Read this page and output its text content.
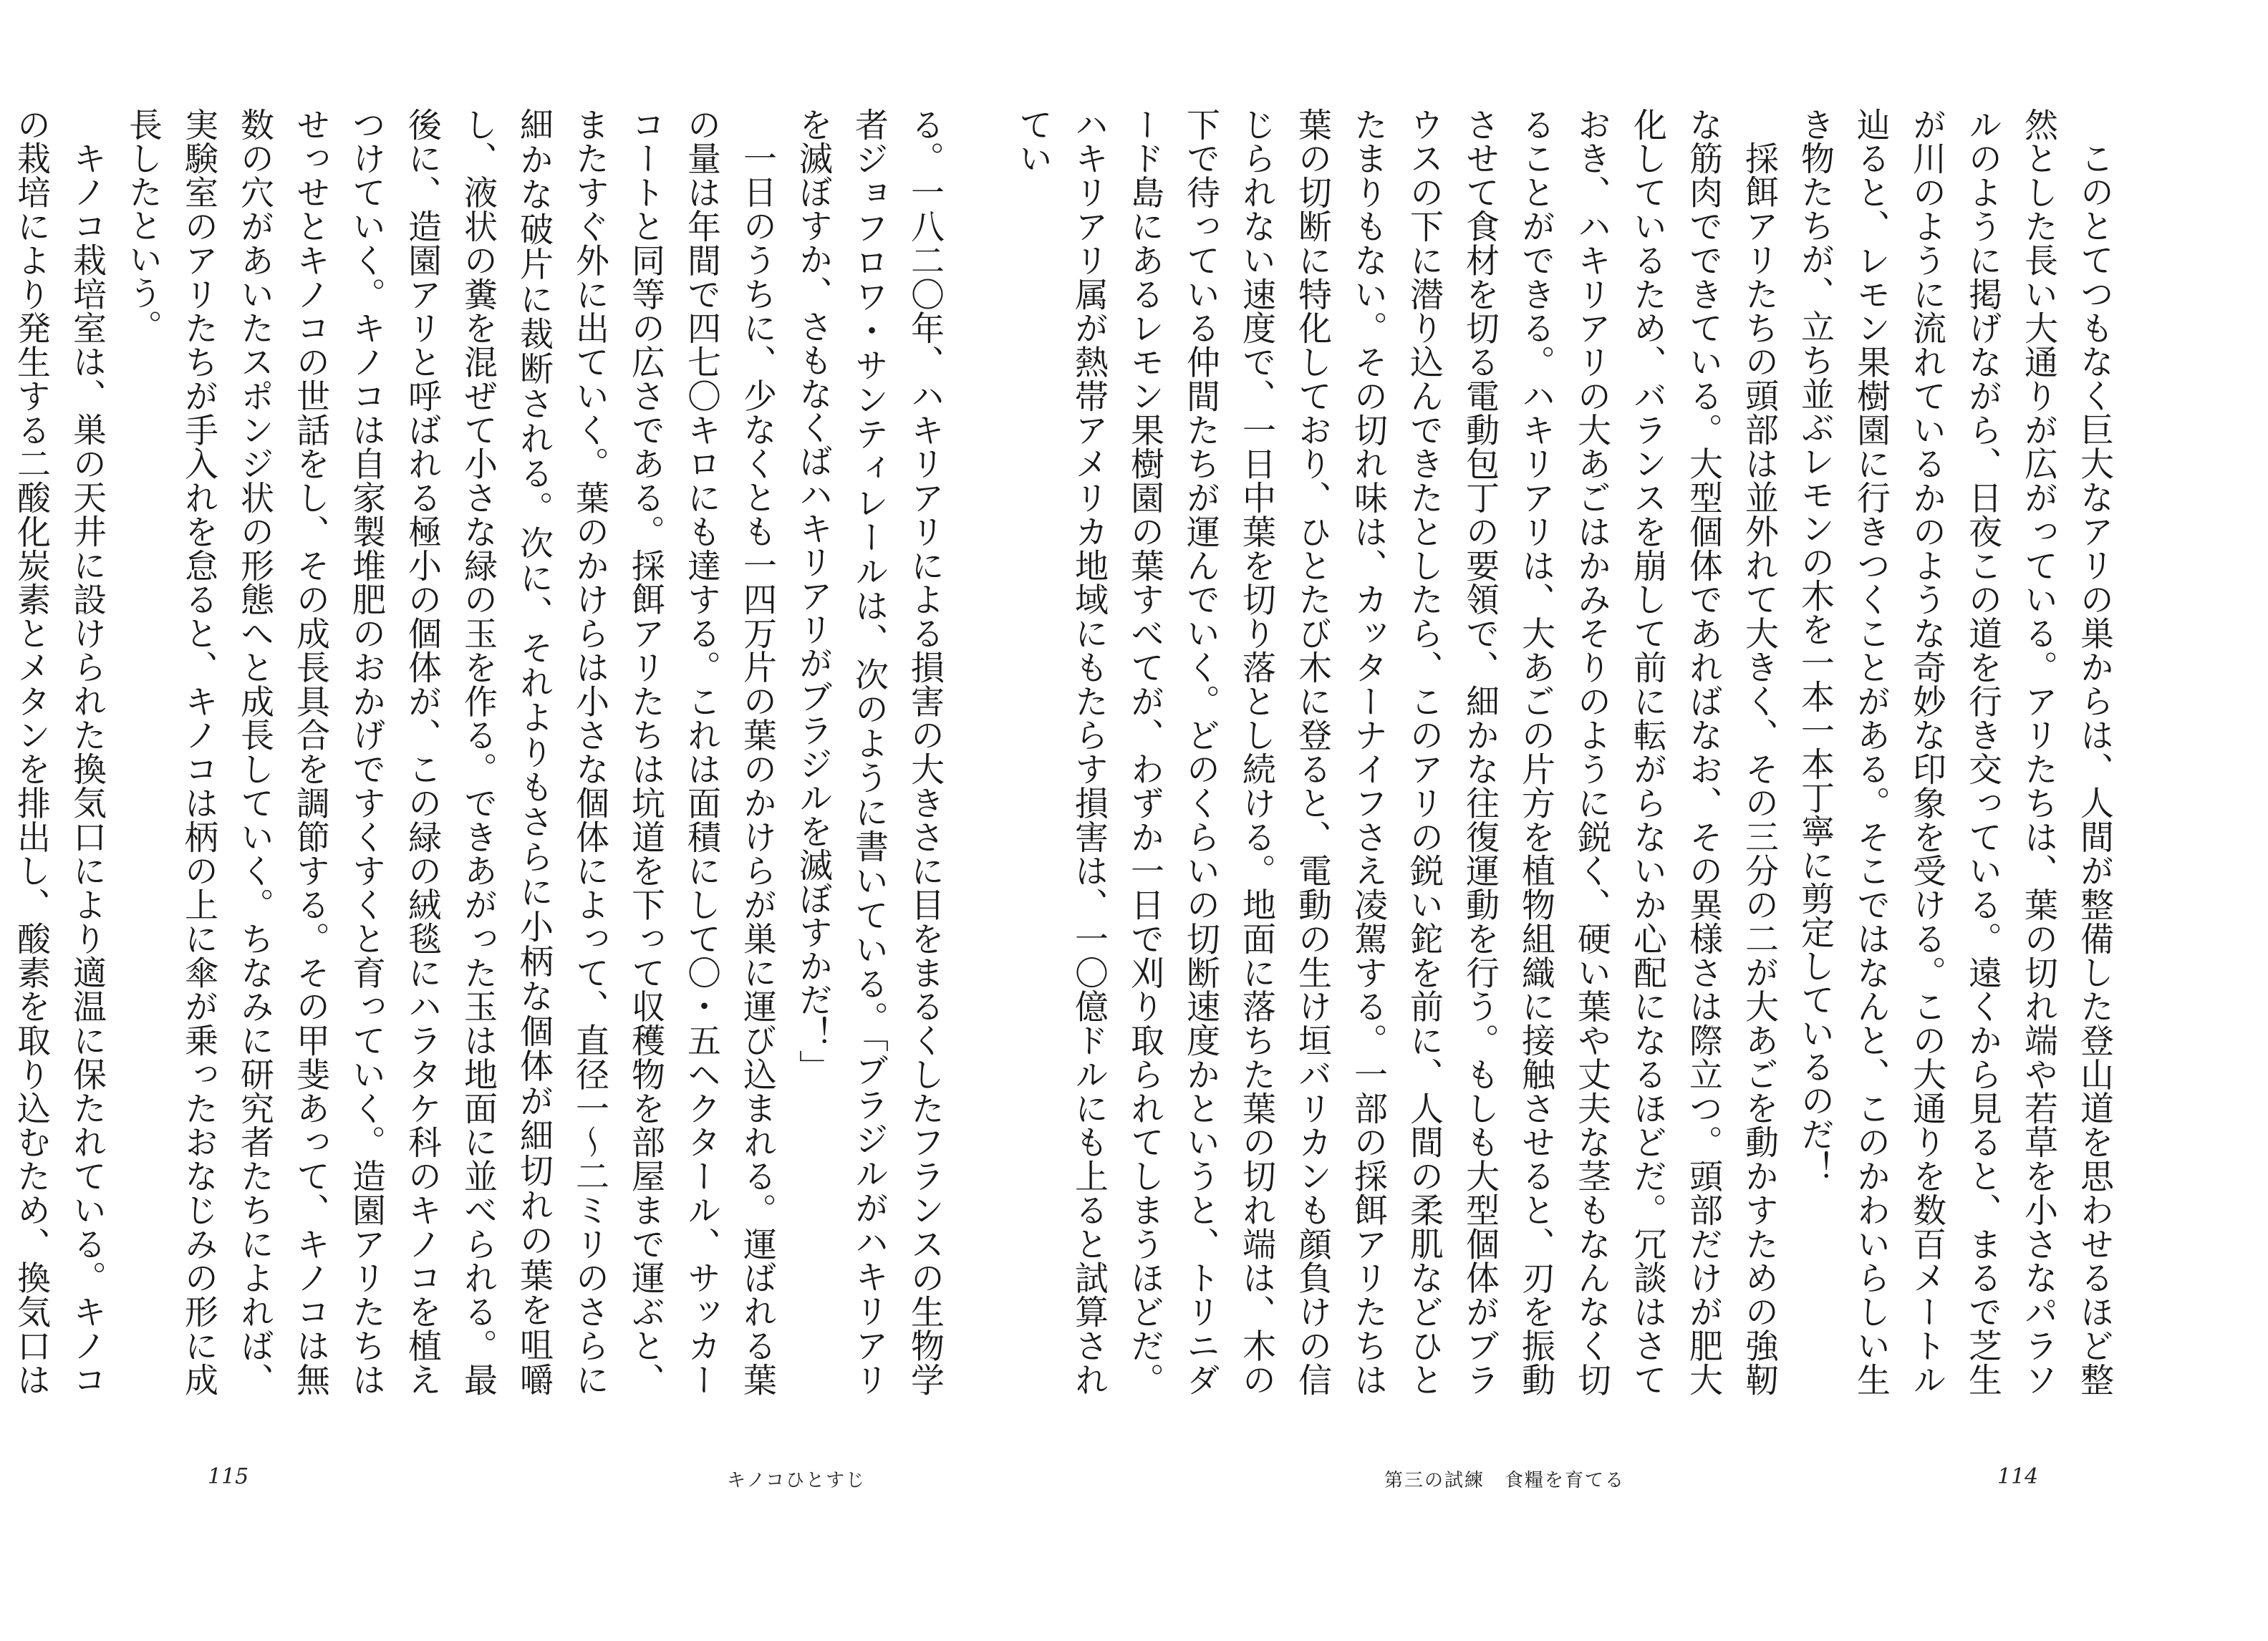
このとてつもなく巨大なアリの巣からは、人間が整備した登山道を思わせるほど整然とした長い大通りが広がっている。アリたちは、葉の切れ端や若草を小さなパラソルのように掲げながら、日夜この道を行き交っている。遠くから見ると、まるで芝生が川のように流れているかのような奇妙な印象を受ける。この大通りを数百メートル辿ると、レモン果樹園に行きつくことがある。そこではなんと、このかわいらしい生き物たちが、立ち並ぶレモンの木を一本一本丁寧に剪定しているのだ！

採餌アリたちの頭部は並外れて大きく、その三分の二が大あごを動かすための強靭な筋肉でできている。大型個体であればなお、その異様さは際立つ。頭部だけが肥大化しているため、バランスを崩して前に転がらないか心配になるほどだ。冗談はさておき、ハキリアリの大あごはかみそりのように鋭く、硬い葉や丈夫な茎もなんなく切ることができる。ハキリアリは、大あごの片方を植物組織に接触させると、刃を振動させて食材を切る電動包丁の要領で、細かな往復運動を行う。もしも大型個体がブラウスの下に潜り込んできたとしたら、このアリの鋭い鉈を前に、人間の柔肌などひとたまりもない。その切れ味は、カッターナイフさえ凌駕する。一部の採餌アリたちは葉の切断に特化しており、ひとたび木に登ると、電動の生け垣バリカンも顔負けの信じられない速度で、一日中葉を切り落とし続ける。地面に落ちた葉の切れ端は、木の下で待っている仲間たちが運んでいく。どのくらいの切断速度かというと、トリニダード島にあるレモン果樹園の葉すべてが、わずか一日で刈り取られてしまうほどだ。ハキリアリ属が熱帯アメリカ地域にもたらす損害は、一〇億ドルにも上ると試算されてい

第三の試練　食糧を育てる	114

る。一八二〇年、ハキリアリによる損害の大きさに目をまるくしたフランスの生物学者ジョフロワ・サンティレールは、次のように書いている。「ブラジルがハキリアリを滅ぼすか、さもなくばハキリアリがブラジルを滅ぼすかだ！」

一日のうちに、少なくとも一四万片の葉のかけらが巣に運び込まれる。運ばれる葉の量は年間で四七〇キロにも達する。これは面積にして〇・五ヘクタール、サッカーコートと同等の広さである。採餌アリたちは坑道を下って収穫物を部屋まで運ぶと、またすぐ外に出ていく。葉のかけらは小さな個体によって、直径一～二ミリのさらに細かな破片に裁断される。次に、それよりもさらに小柄な個体が細切れの葉を咀嚼し、液状の糞を混ぜて小さな緑の玉を作る。できあがった玉は地面に並べられる。最後に、造園アリと呼ばれる極小の個体が、この緑の絨毯にハラタケ科のキノコを植えつけていく。キノコは自家製堆肥のおかげですくすくと育っていく。造園アリたちはせっせとキノコの世話をし、その成長具合を調節する。その甲斐あって、キノコは無数の穴があいたスポンジ状の形態へと成長していく。ちなみに研究者たちによれば、実験室のアリたちが手入れを怠ると、キノコは柄の上に傘が乗ったおなじみの形に成長したという。

キノコ栽培室は、巣の天井に設けられた換気口により適温に保たれている。キノコの栽培により発生する二酸化炭素とメタンを排出し、酸素を取り込むため、換気口は

キノコひとすじ
115
